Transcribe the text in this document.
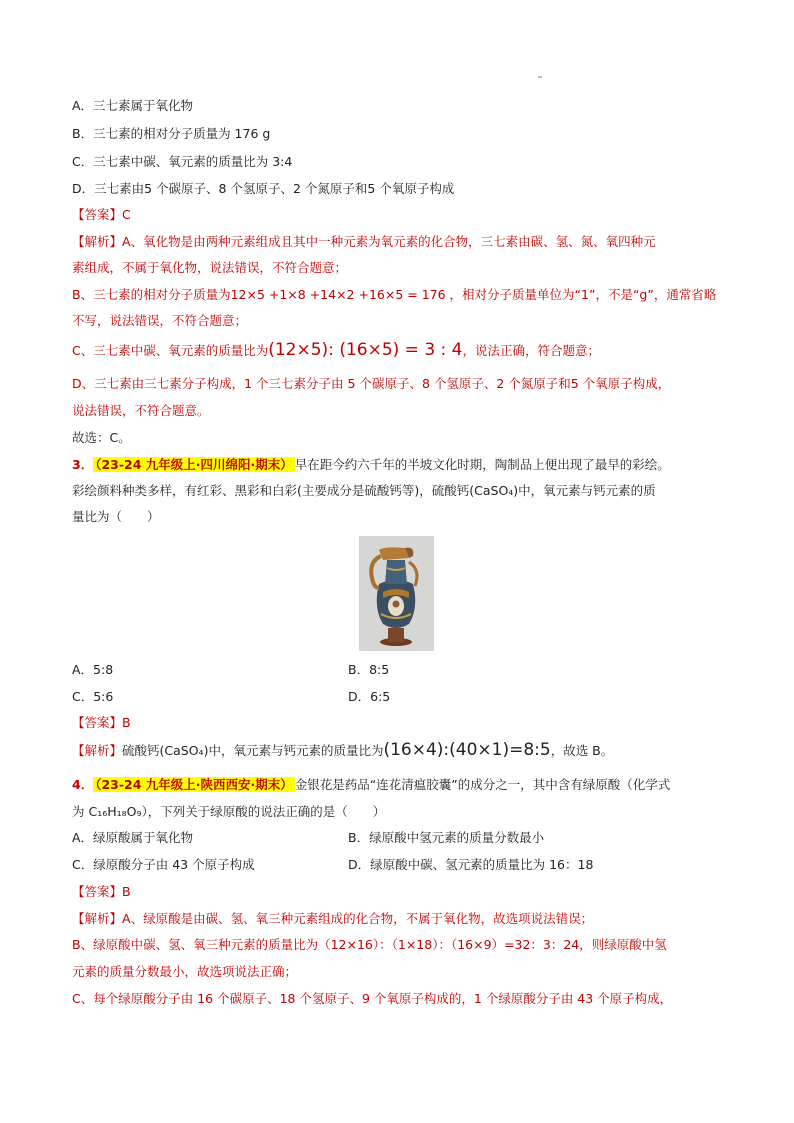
A．三七素属于氧化物
B．三七素的相对分子质量为 176 g
C．三七素中碳、氧元素的质量比为 3:4
D．三七素由5 个碳原子、8 个氢原子、2 个氮原子和5 个氧原子构成
【答案】C
【解析】A、氧化物是由两种元素组成且其中一种元素为氧元素的化合物，三七素由碳、氢、氮、氧四种元
素组成，不属于氧化物，说法错误，不符合题意；
B、三七素的相对分子质量为12×5 +1×8 +14×2 +16×5 = 176 ，相对分子质量单位为“1”，不是“g”，通常省略
不写，说法错误，不符合题意；
C、三七素中碳、氧元素的质量比为(12×5): (16×5) = 3 : 4，说法正确，符合题意；
D、三七素由三七素分子构成，1 个三七素分子由 5 个碳原子、8 个氢原子、2 个氮原子和5 个氧原子构成，
说法错误，不符合题意。
故选：C。
3． （23-24 九年级上·四川绵阳·期末） 早在距今约六千年的半坡文化时期，陶制品上便出现了最早的彩绘。
彩绘颜料种类多样，有红彩、黑彩和白彩(主要成分是硫酸钙等)，硫酸钙(CaSO₄)中，氧元素与钙元素的质
量比为（　　）
A．5:8	B．8:5
C．5:6	D．6:5
【答案】B
【解析】硫酸钙(CaSO₄)中，氧元素与钙元素的质量比为(16×4):(40×1)=8:5，故选 B。
4． （23-24 九年级上·陕西西安·期末） 金银花是药品“连花清瘟胶囊”的成分之一，其中含有绿原酸（化学式
为 C₁₆H₁₈O₉），下列关于绿原酸的说法正确的是（　　）
A．绿原酸属于氧化物	B．绿原酸中氢元素的质量分数最小
C．绿原酸分子由 43 个原子构成	D．绿原酸中碳、氢元素的质量比为 16：18
【答案】B
【解析】A、绿原酸是由碳、氢、氧三种元素组成的化合物，不属于氧化物，故选项说法错误；
B、绿原酸中碳、氢、氧三种元素的质量比为（12×16）：（1×18）：（16×9）=32：3：24，则绿原酸中氢
元素的质量分数最小，故选项说法正确；
C、每个绿原酸分子由 16 个碳原子、18 个氢原子、9 个氧原子构成的，1 个绿原酸分子由 43 个原子构成，
